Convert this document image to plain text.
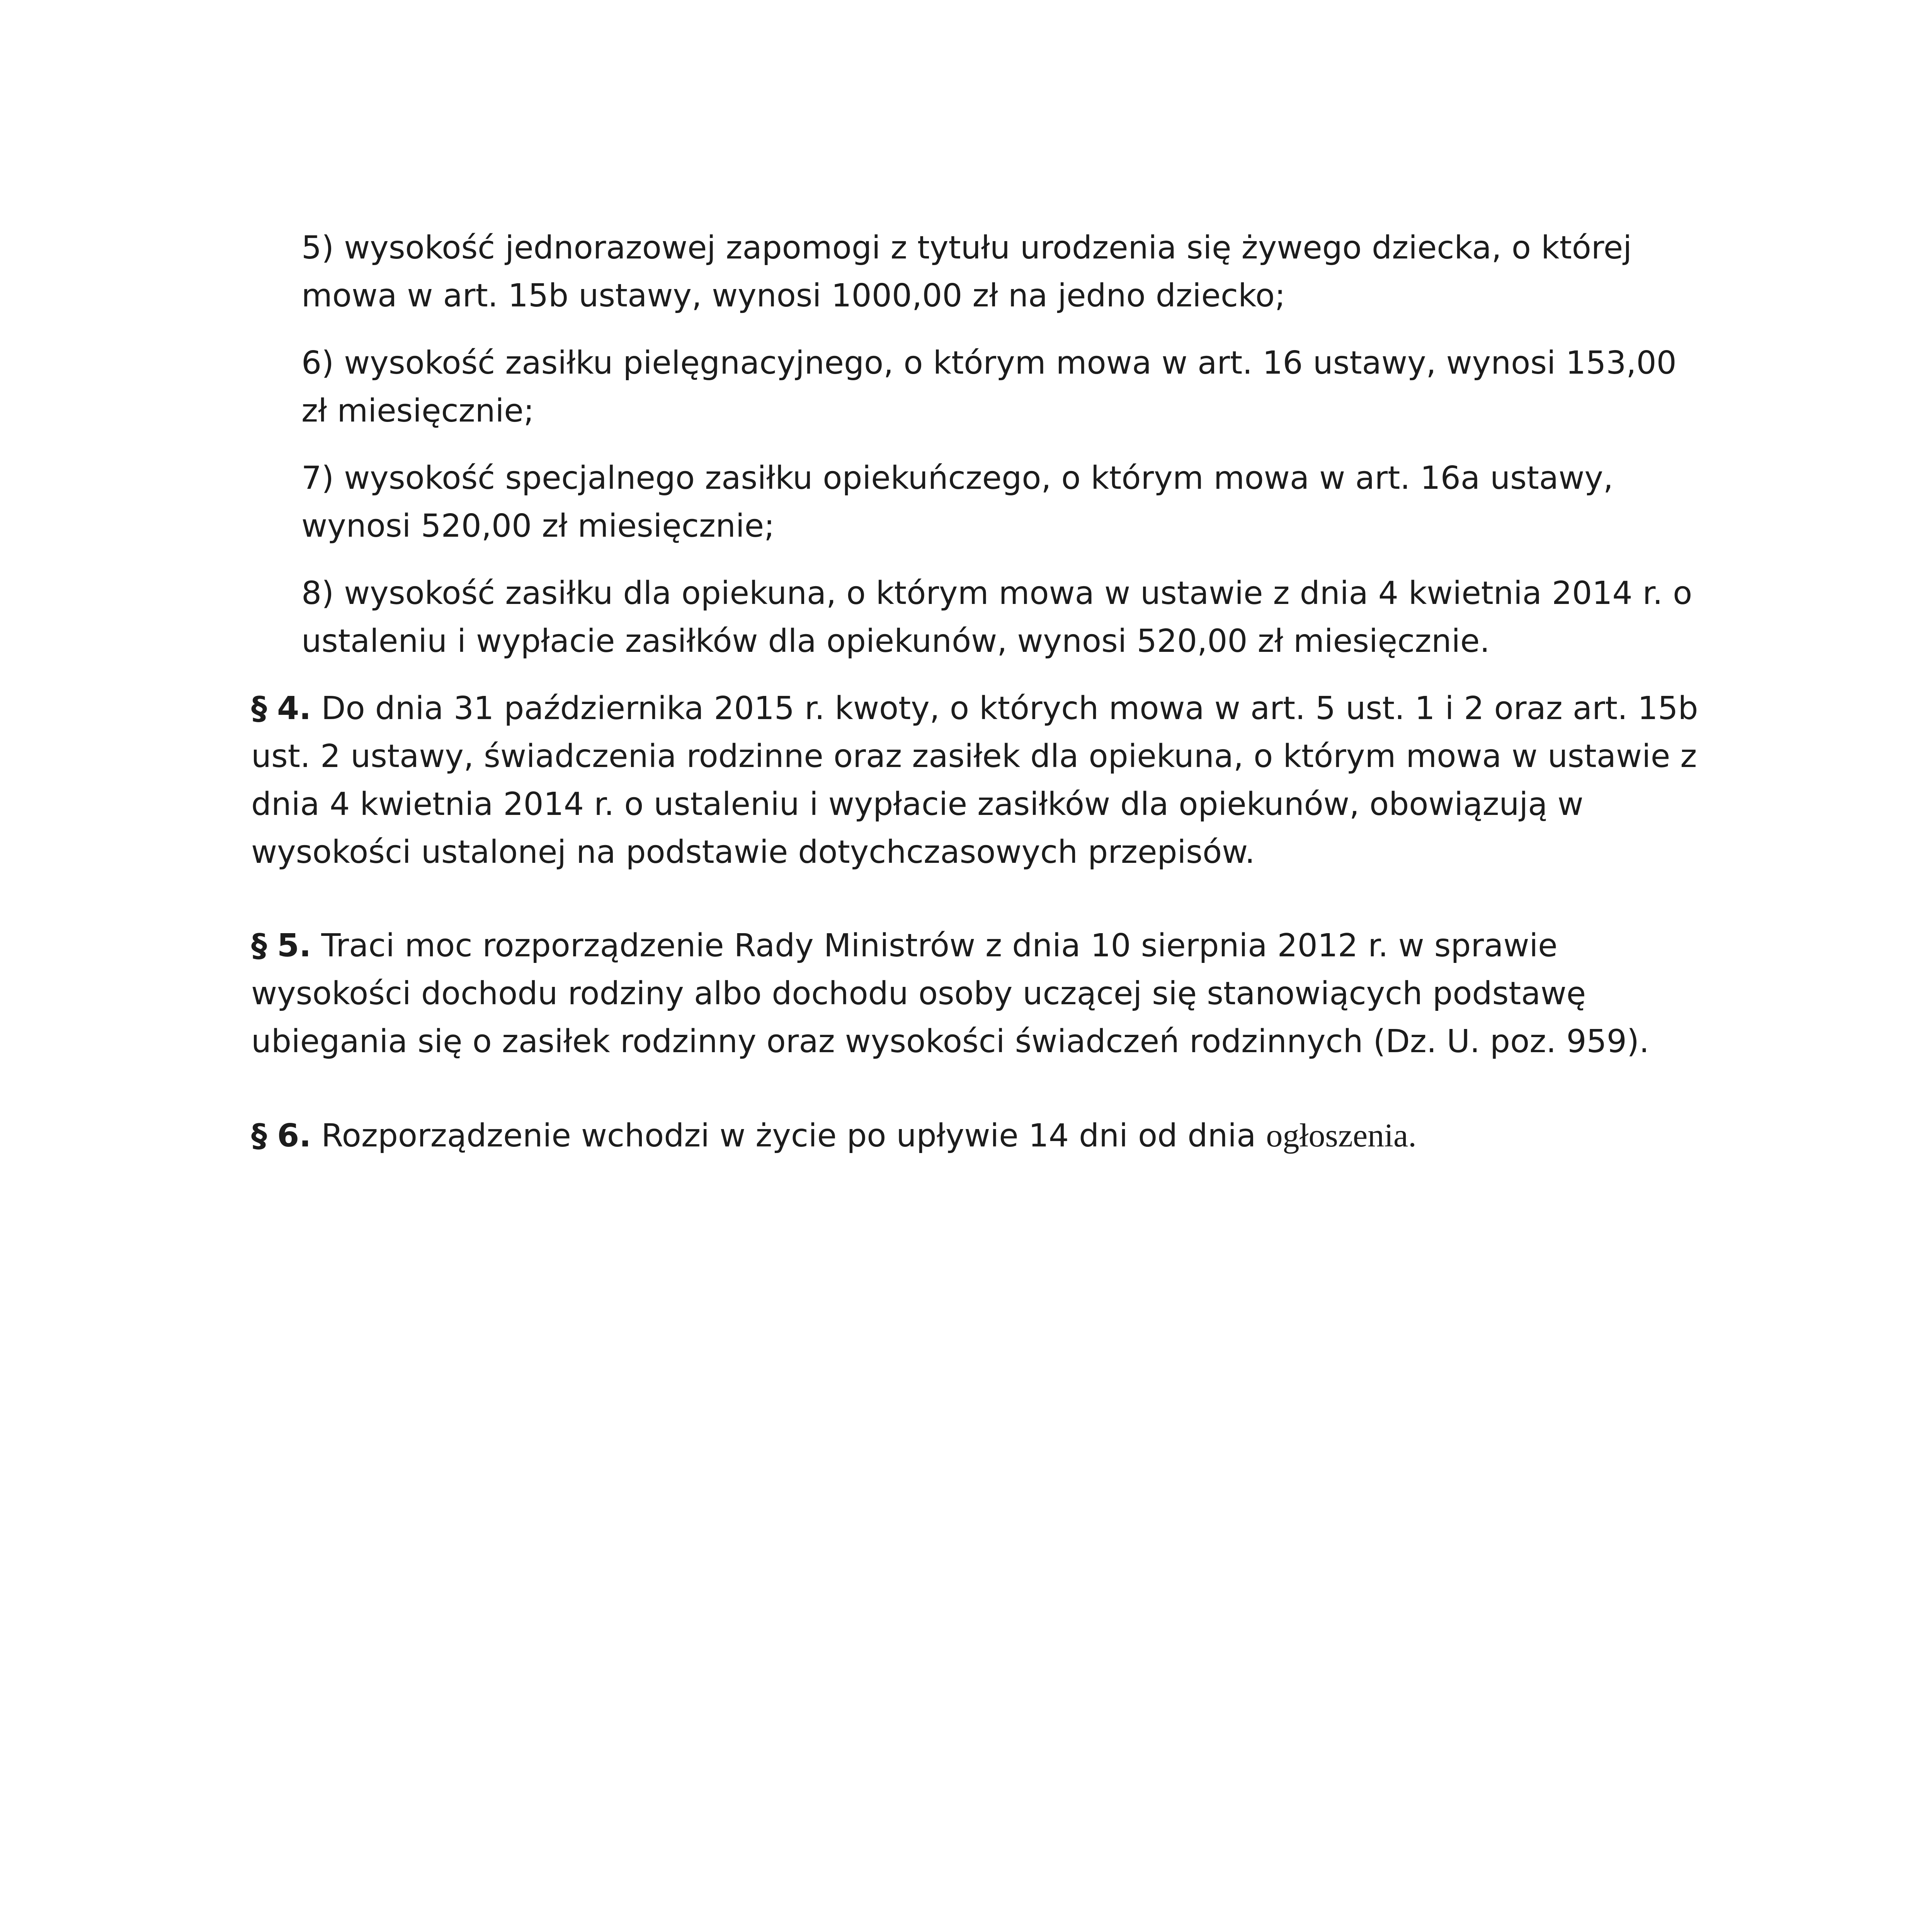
5) wysokość jednorazowej zapomogi z tytułu urodzenia się żywego dziecka, o której mowa w art. 15b ustawy, wynosi 1000,00 zł na jedno dziecko;
6) wysokość zasiłku pielęgnacyjnego, o którym mowa w art. 16 ustawy, wynosi 153,00 zł miesięcznie;
7) wysokość specjalnego zasiłku opiekuńczego, o którym mowa w art. 16a ustawy, wynosi 520,00 zł miesięcznie;
8) wysokość zasiłku dla opiekuna, o którym mowa w ustawie z dnia 4 kwietnia 2014 r. o ustaleniu i wypłacie zasiłków dla opiekunów, wynosi 520,00 zł miesięcznie.
§ 4. Do dnia 31 października 2015 r. kwoty, o których mowa w art. 5 ust. 1 i 2 oraz art. 15b ust. 2 ustawy, świadczenia rodzinne oraz zasiłek dla opiekuna, o którym mowa w ustawie z dnia 4 kwietnia 2014 r. o ustaleniu i wypłacie zasiłków dla opiekunów, obowiązują w wysokości ustalonej na podstawie dotychczasowych przepisów.
§ 5. Traci moc rozporządzenie Rady Ministrów z dnia 10 sierpnia 2012 r. w sprawie wysokości dochodu rodziny albo dochodu osoby uczącej się stanowiących podstawę ubiegania się o zasiłek rodzinny oraz wysokości świadczeń rodzinnych (Dz. U. poz. 959).
§ 6. Rozporządzenie wchodzi w życie po upływie 14 dni od dnia ogłoszenia.
